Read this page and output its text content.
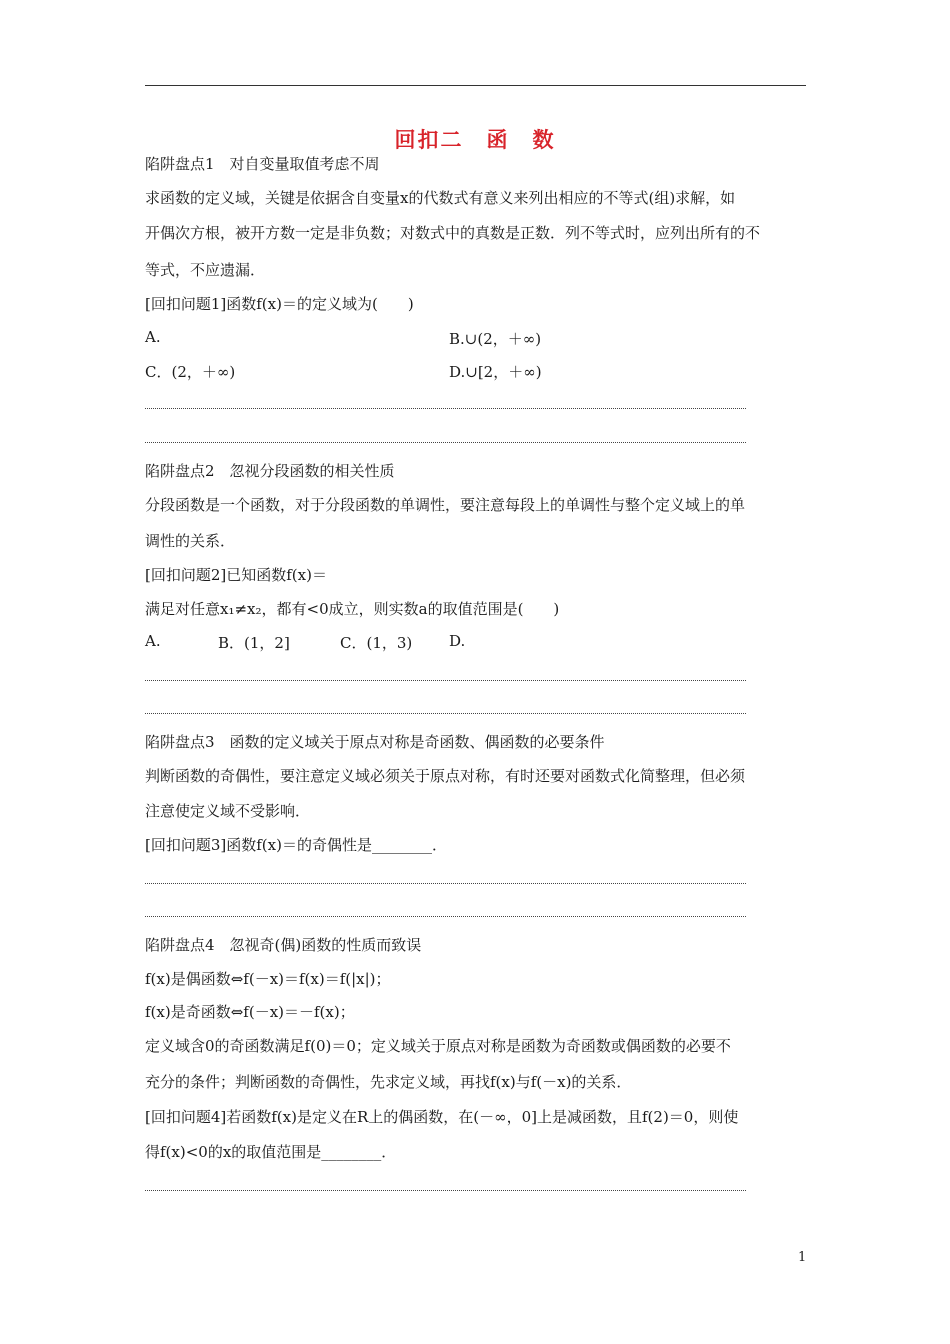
回扣二　函　数
陷阱盘点1　对自变量取值考虑不周
求函数的定义域，关键是依据含自变量x的代数式有意义来列出相应的不等式(组)求解，如
开偶次方根，被开方数一定是非负数；对数式中的真数是正数．列不等式时，应列出所有的不
等式，不应遗漏．
[回扣问题1]函数f(x)＝的定义域为(　　)
A.	B.∪(2，＋∞)
C．(2，＋∞)	D.∪[2，＋∞)
陷阱盘点2　忽视分段函数的相关性质
分段函数是一个函数，对于分段函数的单调性，要注意每段上的单调性与整个定义域上的单
调性的关系．
[回扣问题2]已知函数f(x)＝
满足对任意x₁≠x₂，都有<0成立，则实数a的取值范围是(　　)
A.	B．(1，2]	C．(1，3) D.
陷阱盘点3　函数的定义域关于原点对称是奇函数、偶函数的必要条件
判断函数的奇偶性，要注意定义域必须关于原点对称，有时还要对函数式化简整理，但必须
注意使定义域不受影响．
[回扣问题3]函数f(x)＝的奇偶性是________．
陷阱盘点4　忽视奇(偶)函数的性质而致误
f(x)是偶函数⇔f(－x)＝f(x)＝f(|x|)；
f(x)是奇函数⇔f(－x)＝－f(x)；
定义域含0的奇函数满足f(0)＝0；定义域关于原点对称是函数为奇函数或偶函数的必要不
充分的条件；判断函数的奇偶性，先求定义域，再找f(x)与f(－x)的关系．
[回扣问题4]若函数f(x)是定义在R上的偶函数，在(－∞，0]上是减函数，且f(2)＝0，则使
得f(x)<0的x的取值范围是________．
1
